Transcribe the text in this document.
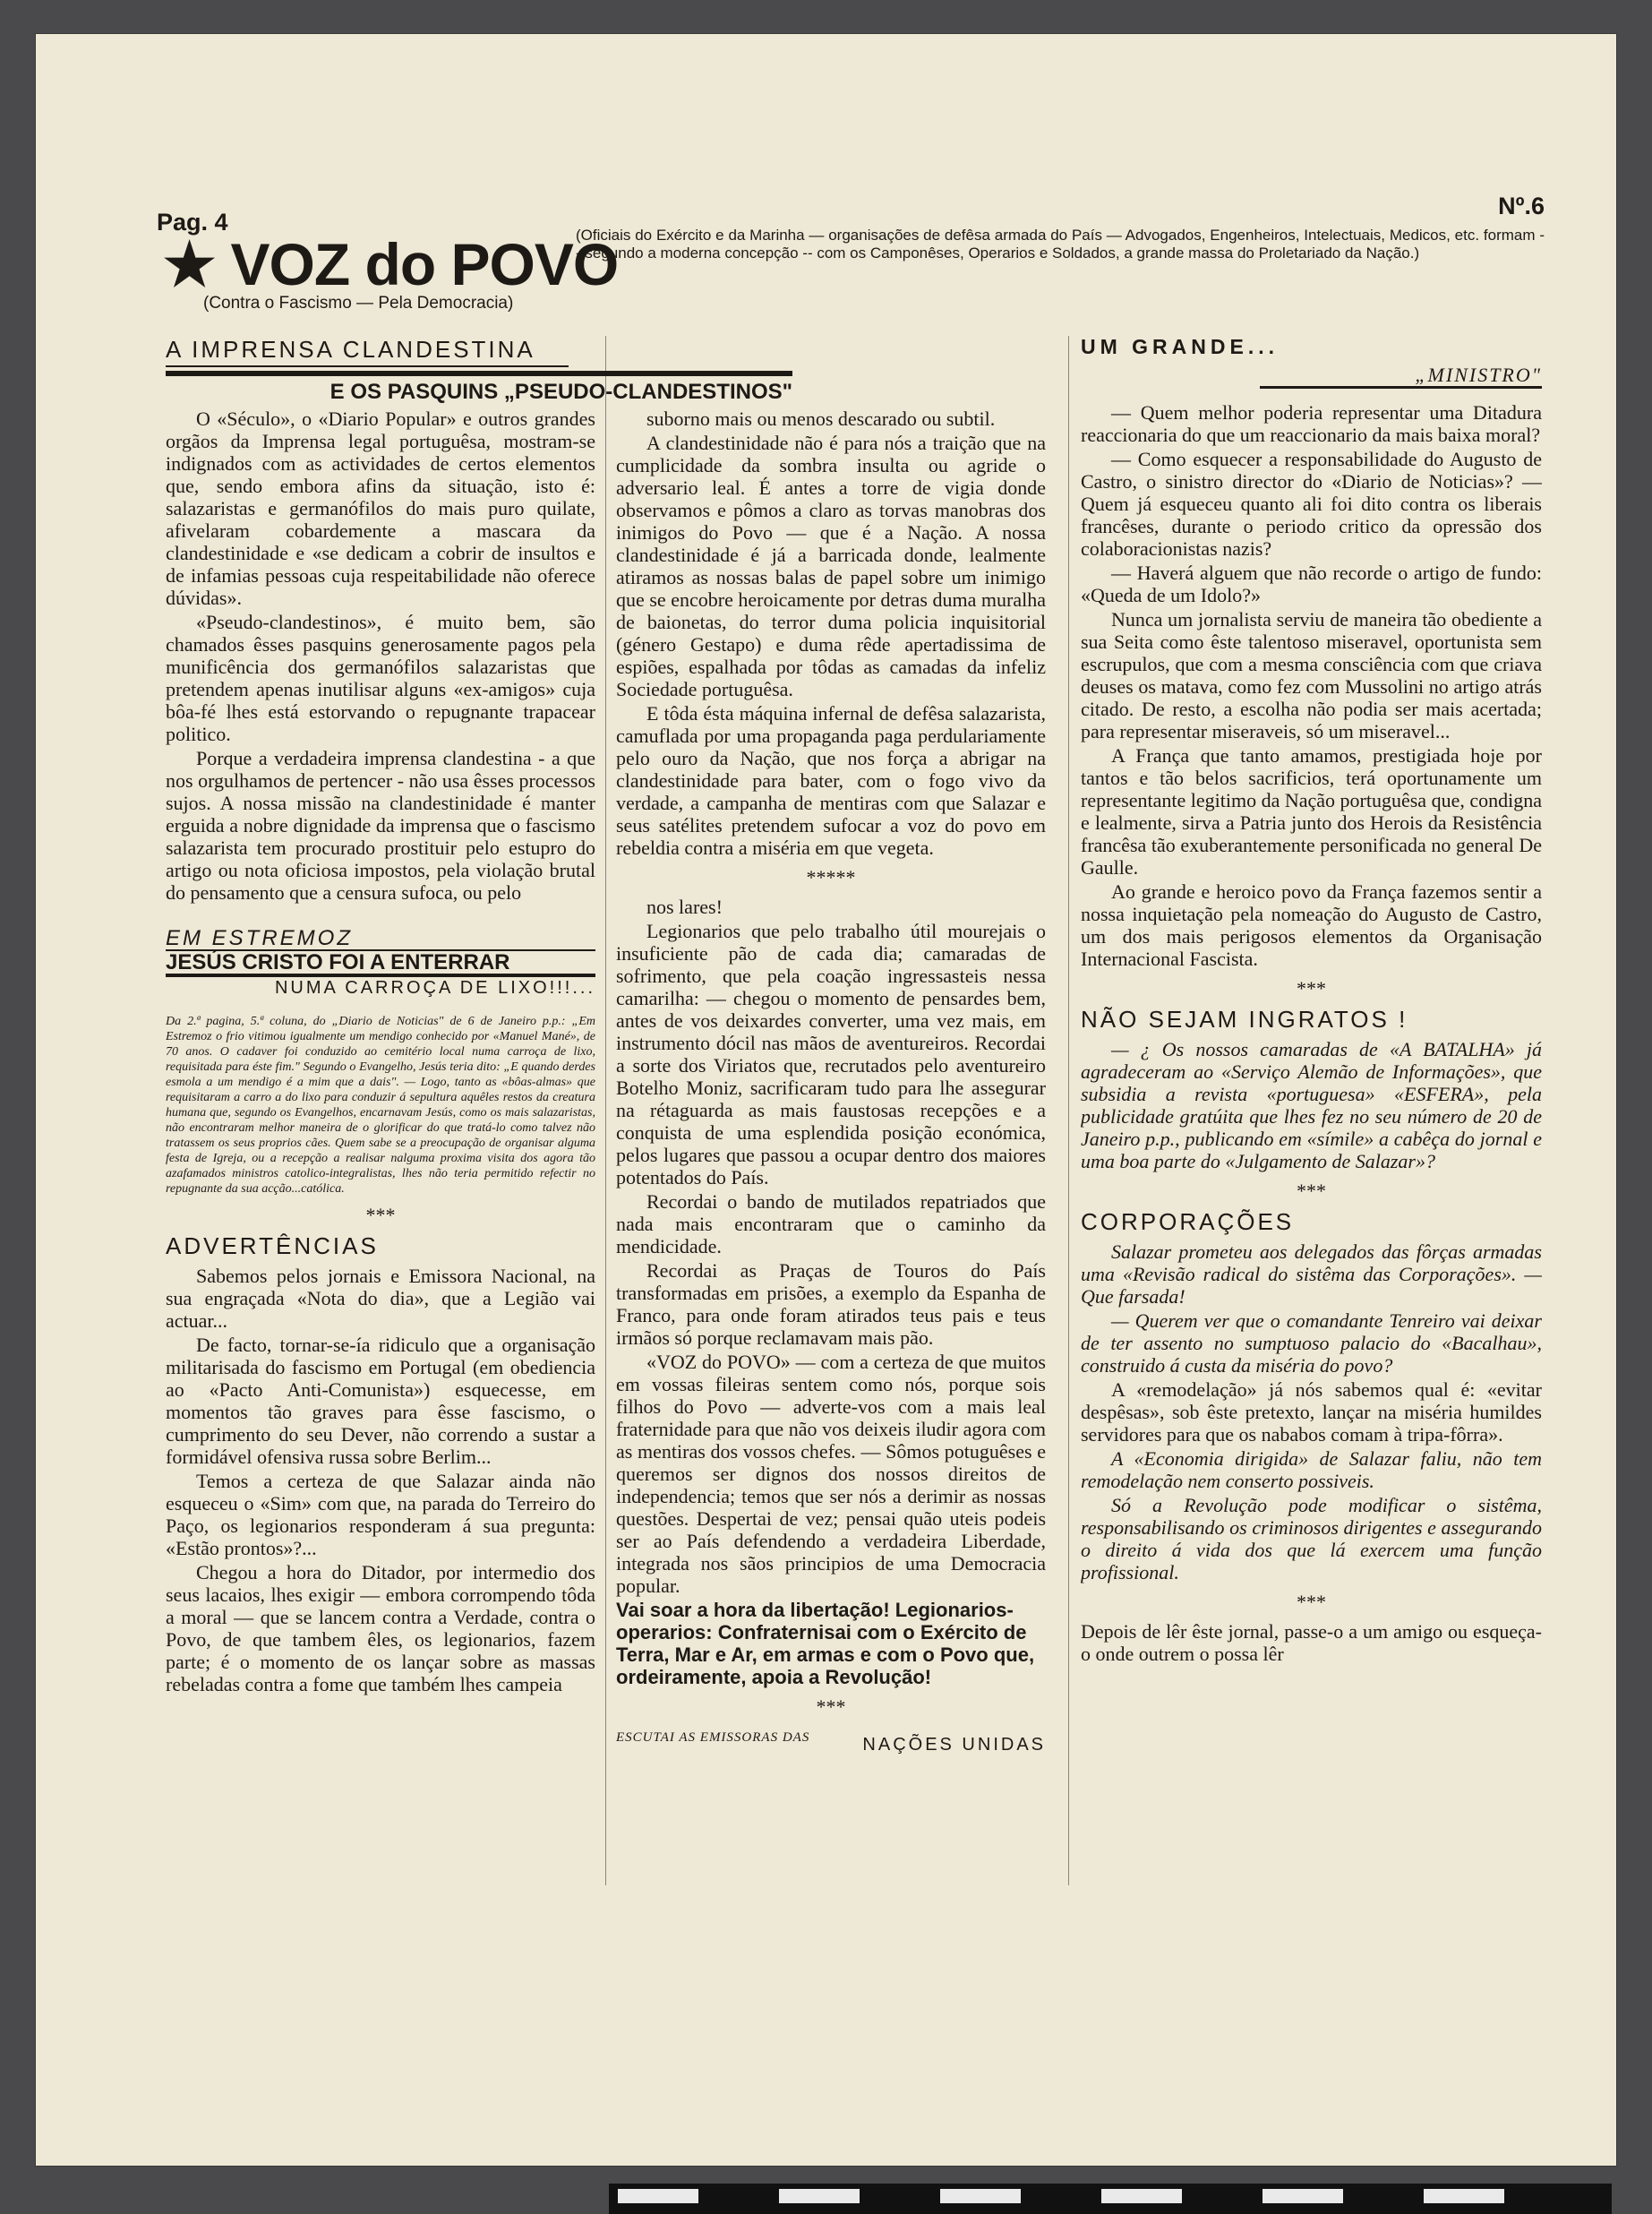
Pag. 4
Nº.6
★ VOZ do POVO
(Contra o Fascismo — Pela Democracia)
(Oficiais do Exército e da Marinha — organisações de defêsa armada do País — Advogados, Engenheiros, Intelectuais, Medicos, etc. formam -- segundo a moderna concepção -- com os Camponêses, Operarios e Soldados, a grande massa do Proletariado da Nação.)
A IMPRENSA CLANDESTINA
E OS PASQUINS „PSEUDO-CLANDESTINOS"

O «Século», o «Diario Popular» e outros grandes orgãos da Imprensa legal portuguêsa, mostram-se indignados com as actividades de certos elementos que, sendo embora afins da situação, isto é: salazaristas e germanófilos do mais puro quilate, afivelaram cobardemente a mascara da clandestinidade e «se dedicam a cobrir de insultos e de infamias pessoas cuja respeitabilidade não oferece dúvidas».

«Pseudo-clandestinos», é muito bem, são chamados êsses pasquins generosamente pagos pela munificência dos germanófilos salazaristas que pretendem apenas inutilisar alguns «ex-amigos» cuja bôa-fé lhes está estorvando o repugnante trapacear politico.

Porque a verdadeira imprensa clandestina - a que nos orgulhamos de pertencer - não usa êsses processos sujos. A nossa missão na clandestinidade é manter erguida a nobre dignidade da imprensa que o fascismo salazarista tem procurado prostituir pelo estupro do artigo ou nota oficiosa impostos, pela violação brutal do pensamento que a censura sufoca, ou pelo

EM ESTREMOZ
JESÚS CRISTO FOI A ENTERRAR
NUMA CARROÇA DE LIXO!!!...
Da 2.ª pagina, 5.ª coluna, do „Diario de Noticias" de 6 de Janeiro p.p.: „Em Estremoz o frio vitimou igualmente um mendigo conhecido por «Manuel Mané», de 70 anos. O cadaver foi conduzido ao cemitério local numa carroça de lixo, requisitada para éste fim." Segundo o Evangelho, Jesús teria dito: „E quando derdes esmola a um mendigo é a mim que a dais". — Logo, tanto as «bôas-almas» que requisitaram a carro a do lixo para conduzir á sepultura aquêles restos da creatura humana que, segundo os Evangelhos, encarnavam Jesús, como os mais salazaristas, não encontraram melhor maneira de o glorificar do que tratá-lo como talvez não tratassem os seus proprios cães. Quem sabe se a preocupação de organisar alguma festa de Igreja, ou a recepção a realisar nalguma proxima visita dos agora tão azafamados ministros catolico-integralistas, lhes não teria permitido refectir no repugnante da sua acção...católica.
***
ADVERTÊNCIAS

Sabemos pelos jornais e Emissora Nacional, na sua engraçada «Nota do dia», que a Legião vai actuar...

De facto, tornar-se-ía ridiculo que a organisação militarisada do fascismo em Portugal (em obediencia ao «Pacto Anti-Comunista») esquecesse, em momentos tão graves para êsse fascismo, o cumprimento do seu Dever, não correndo a sustar a formidável ofensiva russa sobre Berlim...

Temos a certeza de que Salazar ainda não esqueceu o «Sim» com que, na parada do Terreiro do Paço, os legionarios responderam á sua pregunta: «Estão prontos»?...

Chegou a hora do Ditador, por intermedio dos seus lacaios, lhes exigir — embora corrompendo tôda a moral — que se lancem contra a Verdade, contra o Povo, de que tambem êles, os legionarios, fazem parte; é o momento de os lançar sobre as massas rebeladas contra a fome que também lhes campeia

suborno mais ou menos descarado ou subtil.

A clandestinidade não é para nós a traição que na cumplicidade da sombra insulta ou agride o adversario leal. É antes a torre de vigia donde observamos e pômos a claro as torvas manobras dos inimigos do Povo — que é a Nação. A nossa clandestinidade é já a barricada donde, lealmente atiramos as nossas balas de papel sobre um inimigo que se encobre heroicamente por detras duma muralha de baionetas, do terror duma policia inquisitorial (género Gestapo) e duma rêde apertadissima de espiões, espalhada por tôdas as camadas da infeliz Sociedade portuguêsa.

E tôda ésta máquina infernal de defêsa salazarista, camuflada por uma propaganda paga perdulariamente pelo ouro da Nação, que nos força a abrigar na clandestinidade para bater, com o fogo vivo da verdade, a campanha de mentiras com que Salazar e seus satélites pretendem sufocar a voz do povo em rebeldia contra a miséria em que vegeta.

*****

nos lares!

Legionarios que pelo trabalho útil mourejais o insuficiente pão de cada dia; camaradas de sofrimento, que pela coação ingressasteis nessa camarilha: — chegou o momento de pensardes bem, antes de vos deixardes converter, uma vez mais, em instrumento dócil nas mãos de aventureiros. Recordai a sorte dos Viriatos que, recrutados pelo aventureiro Botelho Moniz, sacrificaram tudo para lhe assegurar na rétaguarda as mais faustosas recepções e a conquista de uma esplendida posição económica, pelos lugares que passou a ocupar dentro dos maiores potentados do País.

Recordai o bando de mutilados repatriados que nada mais encontraram que o caminho da mendicidade.

Recordai as Praças de Touros do País transformadas em prisões, a exemplo da Espanha de Franco, para onde foram atirados teus pais e teus irmãos só porque reclamavam mais pão.

«VOZ do POVO» — com a certeza de que muitos em vossas fileiras sentem como nós, porque sois filhos do Povo — adverte-vos com a mais leal fraternidade para que não vos deixeis iludir agora com as mentiras dos vossos chefes. — Sômos potuguêses e queremos ser dignos dos nossos direitos de independencia; temos que ser nós a derimir as nossas questões. Despertai de vez; pensai quão uteis podeis ser ao País defendendo a verdadeira Liberdade, integrada nos sãos principios de uma Democracia popular.

Vai soar a hora da libertação! Legionarios-operarios: Confraternisai com o Exército de Terra, Mar e Ar, em armas e com o Povo que, ordeiramente, apoia a Revolução!
***
ESCUTAI AS EMISSORAS DAS	NAÇÕES UNIDAS
UM GRANDE...
„MINISTRO"

— Quem melhor poderia representar uma Ditadura reaccionaria do que um reaccionario da mais baixa moral?

— Como esquecer a responsabilidade do Augusto de Castro, o sinistro director do «Diario de Noticias»? — Quem já esqueceu quanto ali foi dito contra os liberais francêses, durante o periodo critico da opressão dos colaboracionistas nazis?

— Haverá alguem que não recorde o artigo de fundo: «Queda de um Idolo?»

Nunca um jornalista serviu de maneira tão obediente a sua Seita como êste talentoso miseravel, oportunista sem escrupulos, que com a mesma consciência com que criava deuses os matava, como fez com Mussolini no artigo atrás citado. De resto, a escolha não podia ser mais acertada; para representar miseraveis, só um miseravel...

A França que tanto amamos, prestigiada hoje por tantos e tão belos sacrificios, terá oportunamente um representante legitimo da Nação portuguêsa que, condigna e lealmente, sirva a Patria junto dos Herois da Resistência francêsa tão exuberantemente personificada no general De Gaulle.

Ao grande e heroico povo da França fazemos sentir a nossa inquietação pela nomeação do Augusto de Castro, um dos mais perigosos elementos da Organisação Internacional Fascista.

***
NÃO SEJAM INGRATOS !

— ¿ Os nossos camaradas de «A BATALHA» já agradeceram ao «Serviço Alemão de Informações», que subsidia a revista «portuguesa» «ESFERA», pela publicidade gratúita que lhes fez no seu número de 20 de Janeiro p.p., publicando em «símile» a cabêça do jornal e uma boa parte do «Julgamento de Salazar»?

***
CORPORAÇÕES

Salazar prometeu aos delegados das fôrças armadas uma «Revisão radical do sistêma das Corporações». — Que farsada!

— Querem ver que o comandante Tenreiro vai deixar de ter assento no sumptuoso palacio do «Bacalhau», construido á custa da miséria do povo?

A «remodelação» já nós sabemos qual é: «evitar despêsas», sob êste pretexto, lançar na miséria humildes servidores para que os nababos comam à tripa-fôrra».

A «Economia dirigida» de Salazar faliu, não tem remodelação nem conserto possiveis.

Só a Revolução pode modificar o sistêma, responsabilisando os criminosos dirigentes e assegurando o direito á vida dos que lá exercem uma função profissional.

***
Depois de lêr êste jornal, passe-o a um amigo ou esqueça-o onde outrem o possa lêr
